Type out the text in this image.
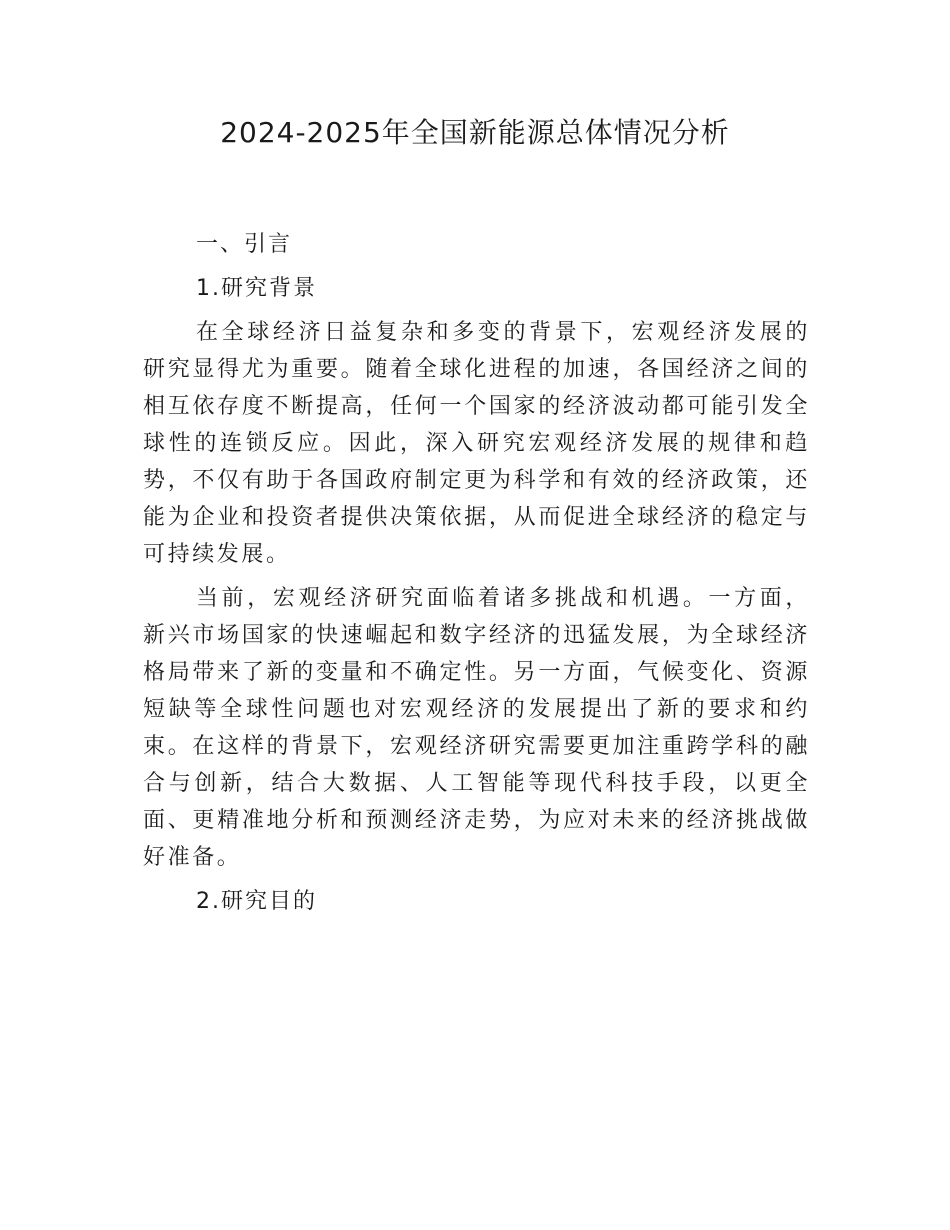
2024-2025年全国新能源总体情况分析
一、引言
1.研究背景

在全球经济日益复杂和多变的背景下，宏观经济发展的研究显得尤为重要。随着全球化进程的加速，各国经济之间的相互依存度不断提高，任何一个国家的经济波动都可能引发全球性的连锁反应。因此，深入研究宏观经济发展的规律和趋势，不仅有助于各国政府制定更为科学和有效的经济政策，还能为企业和投资者提供决策依据，从而促进全球经济的稳定与可持续发展。

当前，宏观经济研究面临着诸多挑战和机遇。一方面，新兴市场国家的快速崛起和数字经济的迅猛发展，为全球经济格局带来了新的变量和不确定性。另一方面，气候变化、资源短缺等全球性问题也对宏观经济的发展提出了新的要求和约束。在这样的背景下，宏观经济研究需要更加注重跨学科的融合与创新，结合大数据、人工智能等现代科技手段，以更全面、更精准地分析和预测经济走势，为应对未来的经济挑战做好准备。

2.研究目的
